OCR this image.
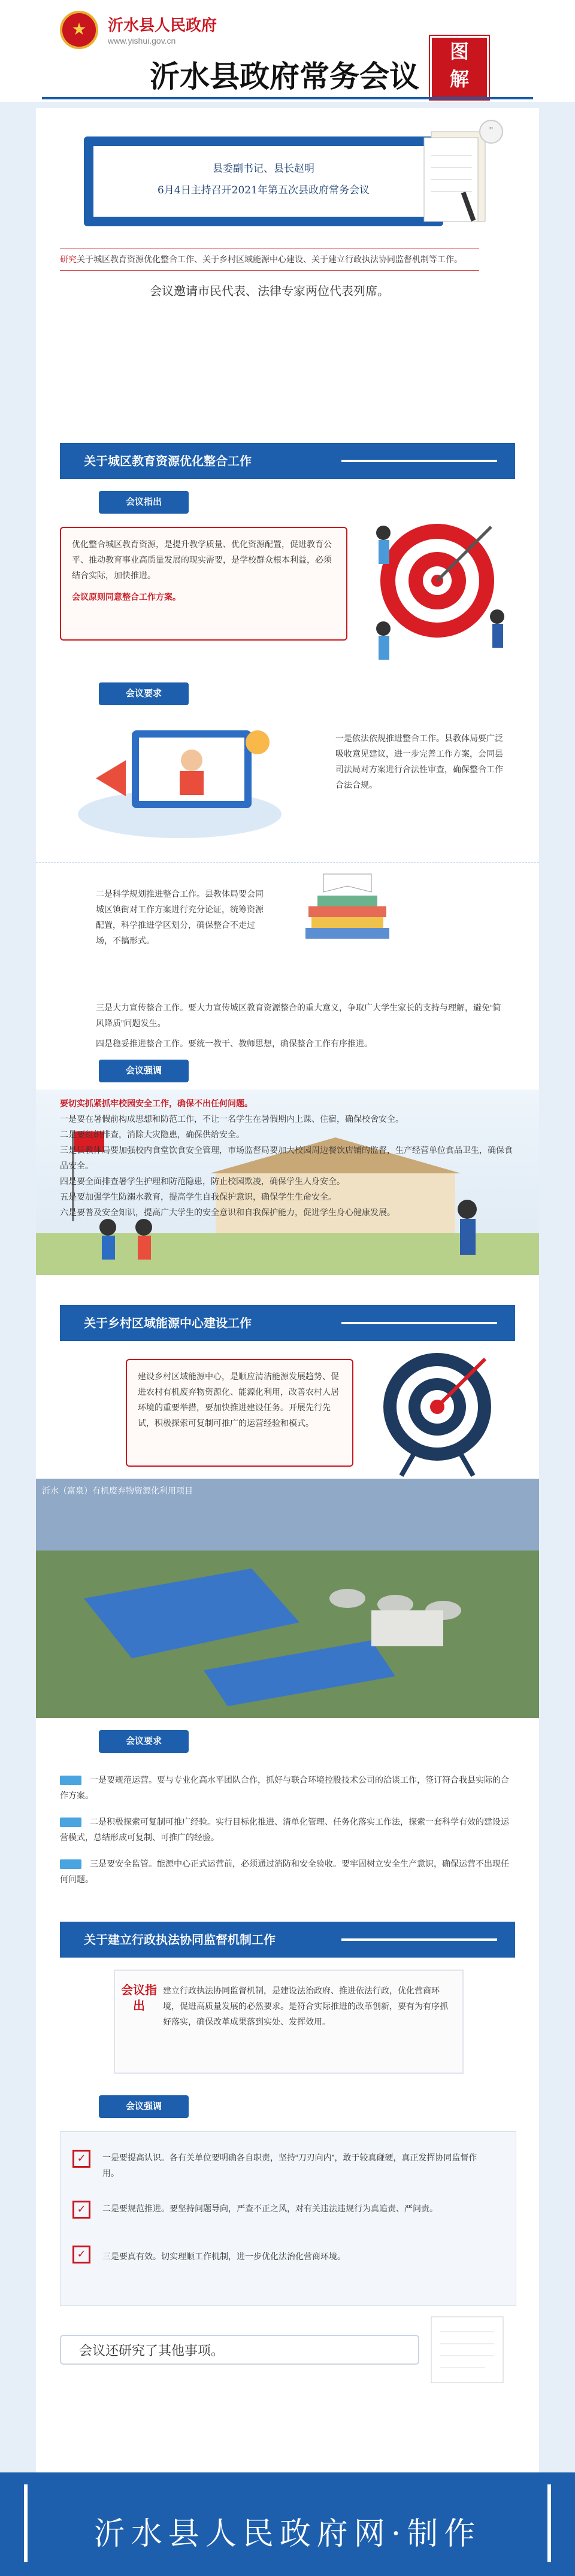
★
沂水县人民政府
www.yishui.gov.cn
沂水县政府常务会议
图
解

县委副书记、县长赵明

6月4日主持召开2021年第五次县政府常务会议

"
研究关于城区教育资源优化整合工作、关于乡村区域能源中心建设、关于建立行政执法协同监督机制等工作。
会议邀请市民代表、法律专家两位代表列席。
关于城区教育资源优化整合工作
会议指出
优化整合城区教育资源，是提升教学质量、优化资源配置，促进教育公平、推动教育事业高质量发展的现实需要，是学校群众根本利益，必须结合实际，加快推进。
会议原则同意整合工作方案。
会议要求
一是依法依规推进整合工作。县教体局要广泛吸收意见建议，进一步完善工作方案，会同县司法局对方案进行合法性审查，确保整合工作合法合规。
二是科学规划推进整合工作。县教体局要会同城区镇街对工作方案进行充分论证，统筹资源配置，科学推进学区划分，确保整合不走过场，不搞形式。
三是大力宣传整合工作。要大力宣传城区教育资源整合的重大意义，争取广大学生家长的支持与理解，避免“简风降质”问题发生。
四是稳妥推进整合工作。要统一教干、教师思想，确保整合工作有序推进。
会议强调
要切实抓紧抓牢校园安全工作，确保不出任何问题。
一是要在暑假前构成思想和防范工作，不让一名学生在暑假期内上课、住宿，确保校舍安全。
二是要组织排查，消除大灾隐患，确保供给安全。
三是县教体局要加强校内食堂饮食安全管理，市场监督局要加大校园周边餐饮店铺的监督，生产经营单位食品卫生，确保食品安全。
四是要全面排查暑学生护理和防范隐患，防止校园欺凌，确保学生人身安全。
五是要加强学生防溺水教育，提高学生自我保护意识，确保学生生命安全。
六是要普及安全知识，提高广大学生的安全意识和自我保护能力，促进学生身心健康发展。
关于乡村区域能源中心建设工作
建设乡村区域能源中心，是顺应清洁能源发展趋势、促进农村有机废弃物资源化、能源化利用，改善农村人居环境的重要举措，要加快推进建设任务。开展先行先试，积极探索可复制可推广的运营经验和模式。
沂水（富泉）有机废弃物资源化利用项目
会议要求
一是要规范运营。要与专业化高水平团队合作，抓好与联合环境控股技术公司的洽谈工作，签订符合我县实际的合作方案。
二是积极探索可复制可推广经验。实行目标化推进、清单化管理、任务化落实工作法，探索一套科学有效的建设运营模式，总结形成可复制、可推广的经验。
三是要安全监管。能源中心正式运营前，必须通过消防和安全验收。要牢固树立安全生产意识，确保运营不出现任何问题。
关于建立行政执法协同监督机制工作
会议指出
建立行政执法协同监督机制，是建设法治政府、推进依法行政，优化营商环境，促进高质量发展的必然要求。是符合实际推进的改革创新，要有为有序抓好落实，确保改革成果落到实处、发挥效用。
会议强调
✓	一是要提高认识。各有关单位要明确各自职责，坚持“刀刃向内”，敢于较真碰硬，真正发挥协同监督作用。
✓	二是要规范推进。要坚持问题导向，严查不正之风，对有关违法违规行为真追责、严问责。
✓	三是要真有效。切实理顺工作机制，进一步优化法治化营商环境。
会议还研究了其他事项。
沂水县人民政府网·制作
